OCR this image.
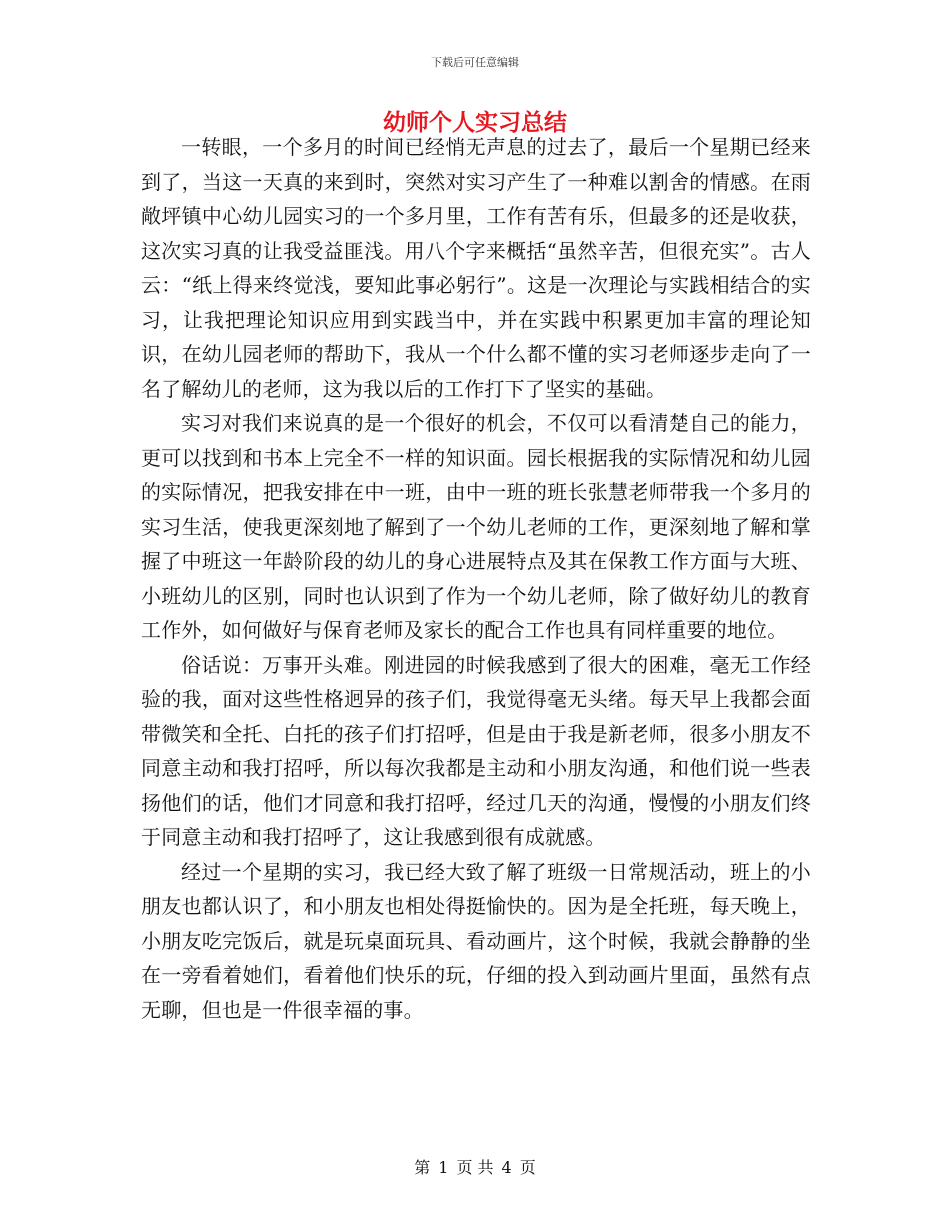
下载后可任意编辑
幼师个人实习总结

一转眼，一个多月的时间已经悄无声息的过去了，最后一个星期已经来到了，当这一天真的来到时，突然对实习产生了一种难以割舍的情感。在雨敞坪镇中心幼儿园实习的一个多月里，工作有苦有乐，但最多的还是收获，这次实习真的让我受益匪浅。用八个字来概括“虽然辛苦，但很充实”。古人云：“纸上得来终觉浅，要知此事必躬行”。这是一次理论与实践相结合的实习，让我把理论知识应用到实践当中，并在实践中积累更加丰富的理论知识，在幼儿园老师的帮助下，我从一个什么都不懂的实习老师逐步走向了一名了解幼儿的老师，这为我以后的工作打下了坚实的基础。

实习对我们来说真的是一个很好的机会，不仅可以看清楚自己的能力，更可以找到和书本上完全不一样的知识面。园长根据我的实际情况和幼儿园的实际情况，把我安排在中一班，由中一班的班长张慧老师带我一个多月的实习生活，使我更深刻地了解到了一个幼儿老师的工作，更深刻地了解和掌握了中班这一年龄阶段的幼儿的身心进展特点及其在保教工作方面与大班、小班幼儿的区别，同时也认识到了作为一个幼儿老师，除了做好幼儿的教育工作外，如何做好与保育老师及家长的配合工作也具有同样重要的地位。

俗话说：万事开头难。刚进园的时候我感到了很大的困难，毫无工作经验的我，面对这些性格迥异的孩子们，我觉得毫无头绪。每天早上我都会面带微笑和全托、白托的孩子们打招呼，但是由于我是新老师，很多小朋友不同意主动和我打招呼，所以每次我都是主动和小朋友沟通，和他们说一些表扬他们的话，他们才同意和我打招呼，经过几天的沟通，慢慢的小朋友们终于同意主动和我打招呼了，这让我感到很有成就感。

经过一个星期的实习，我已经大致了解了班级一日常规活动，班上的小朋友也都认识了，和小朋友也相处得挺愉快的。因为是全托班，每天晚上，小朋友吃完饭后，就是玩桌面玩具、看动画片，这个时候，我就会静静的坐在一旁看着她们，看着他们快乐的玩，仔细的投入到动画片里面，虽然有点无聊，但也是一件很幸福的事。

第 1 页 共 4 页
